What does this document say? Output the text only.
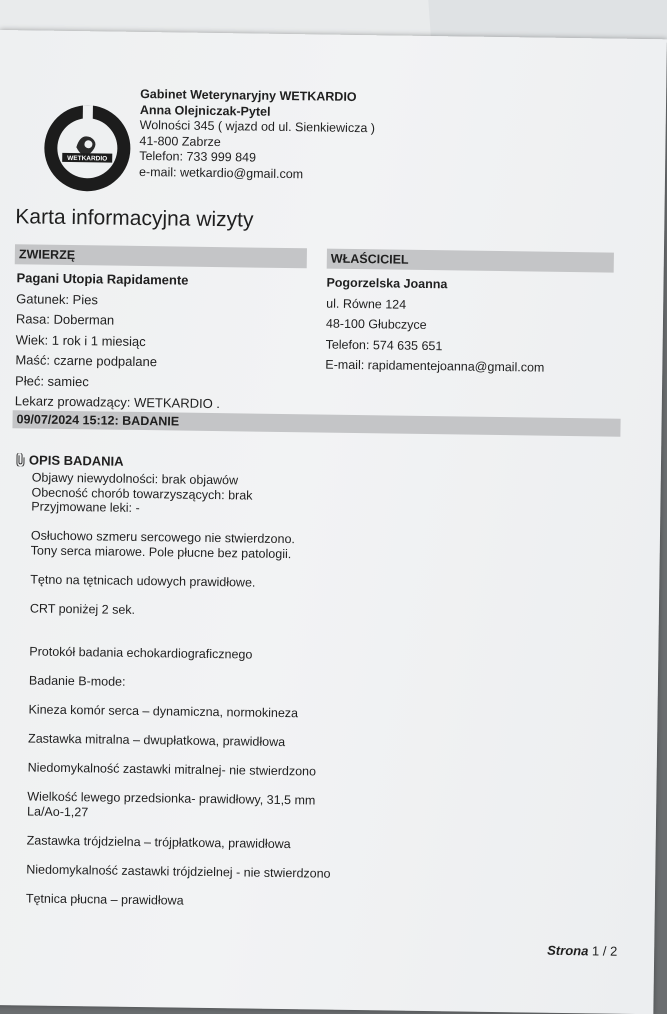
WETKARDIO
Gabinet Weterynaryjny WETKARDIO
Anna Olejniczak-Pytel
Wolności 345 ( wjazd od ul. Sienkiewicza )
41-800 Zabrze
Telefon: 733 999 849
e-mail: wetkardio@gmail.com
Karta informacyjna wizyty
ZWIERZĘ	WŁAŚCICIEL
Pagani Utopia Rapidamente
Gatunek: Pies
Rasa: Doberman
Wiek: 1 rok i 1 miesiąc
Maść: czarne podpalane
Płeć: samiec
Lekarz prowadzący: WETKARDIO .
Pogorzelska Joanna
ul. Równe 124
48-100 Głubczyce
Telefon: 574 635 651
E-mail: rapidamentejoanna@gmail.com
09/07/2024 15:12: BADANIE
OPIS BADANIA
Objawy niewydolności: brak objawów
Obecność chorób towarzyszących: brak
Przyjmowane leki: -
Osłuchowo szmeru sercowego nie stwierdzono.
Tony serca miarowe. Pole płucne bez patologii.
Tętno na tętnicach udowych prawidłowe.
CRT poniżej 2 sek.
Protokół badania echokardiograficznego
Badanie B-mode:
Kineza komór serca – dynamiczna, normokineza
Zastawka mitralna – dwupłatkowa, prawidłowa
Niedomykalność zastawki mitralnej- nie stwierdzono
Wielkość lewego przedsionka- prawidłowy, 31,5 mm
La/Ao-1,27
Zastawka trójdzielna – trójpłatkowa, prawidłowa
Niedomykalność zastawki trójdzielnej - nie stwierdzono
Tętnica płucna – prawidłowa
Strona 1 / 2
